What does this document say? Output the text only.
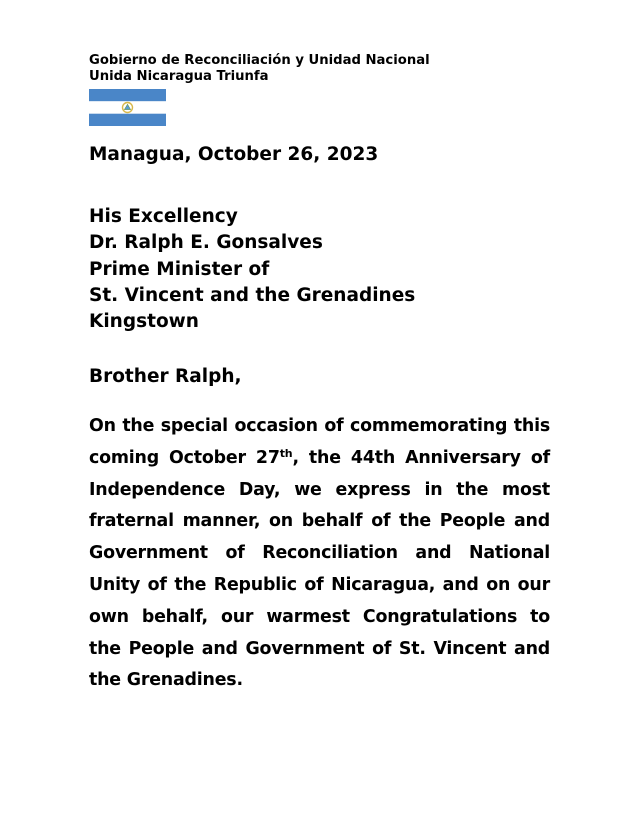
Gobierno de Reconciliación y Unidad Nacional
Unida Nicaragua Triunfa
Managua, October 26, 2023
His Excellency
Dr. Ralph E. Gonsalves
Prime Minister of
St. Vincent and the Grenadines
Kingstown
Brother Ralph,
On the special occasion of commemorating this coming October 27th, the 44th Anniversary of Independence Day, we express in the most fraternal manner, on behalf of the People and Government of Reconciliation and National Unity of the Republic of Nicaragua, and on our own behalf, our warmest Congratulations to the People and Government of St. Vincent and the Grenadines.
